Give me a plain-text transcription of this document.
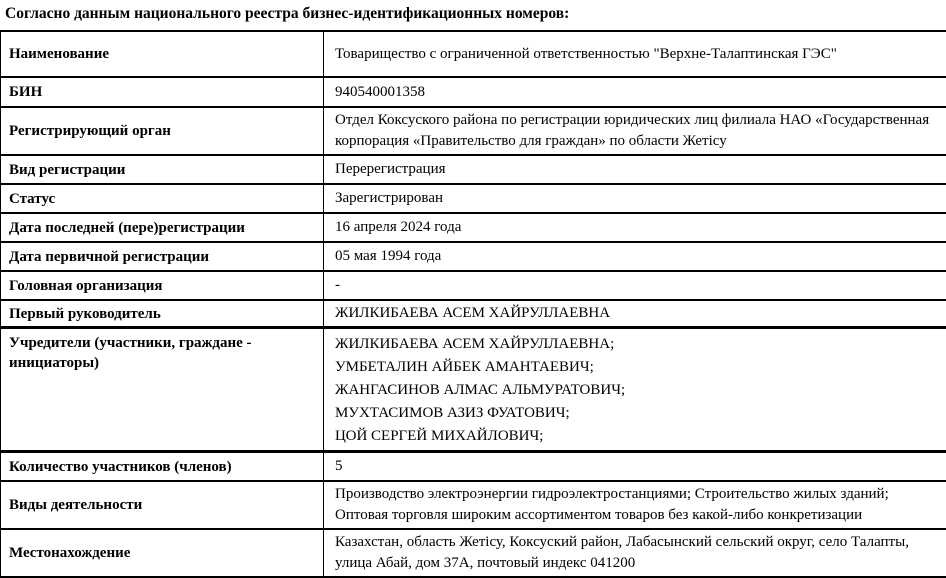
Согласно данным национального реестра бизнес-идентификационных номеров:
Наименование	Товарищество с ограниченной ответственностью "Верхне-Талаптинская ГЭС"
БИН	940540001358
Регистрирующий орган	Отдел Коксуского района по регистрации юридических лиц филиала НАО «Государственная корпорация «Правительство для граждан» по области Жетісу
Вид регистрации	Перерегистрация
Статус	Зарегистрирован
Дата последней (пере)регистрации	16 апреля 2024 года
Дата первичной регистрации	05 мая 1994 года
Головная организация	-
Первый руководитель	ЖИЛКИБАЕВА АСЕМ ХАЙРУЛЛАЕВНА
Учредители (участники, граждане - инициаторы)	ЖИЛКИБАЕВА АСЕМ ХАЙРУЛЛАЕВНА;
УМБЕТАЛИН АЙБЕК АМАНТАЕВИЧ;
ЖАНГАСИНОВ АЛМАС АЛЬМУРАТОВИЧ;
МУХТАСИМОВ АЗИЗ ФУАТОВИЧ;
ЦОЙ СЕРГЕЙ МИХАЙЛОВИЧ;

Количество участников (членов)	5
Виды деятельности	Производство электроэнергии гидроэлектростанциями; Строительство жилых зданий; Оптовая торговля широким ассортиментом товаров без какой-либо конкретизации
Местонахождение	Казахстан, область Жетісу, Коксуский район, Лабасынский сельский округ, село Талапты, улица Абай, дом 37А, почтовый индекс 041200
